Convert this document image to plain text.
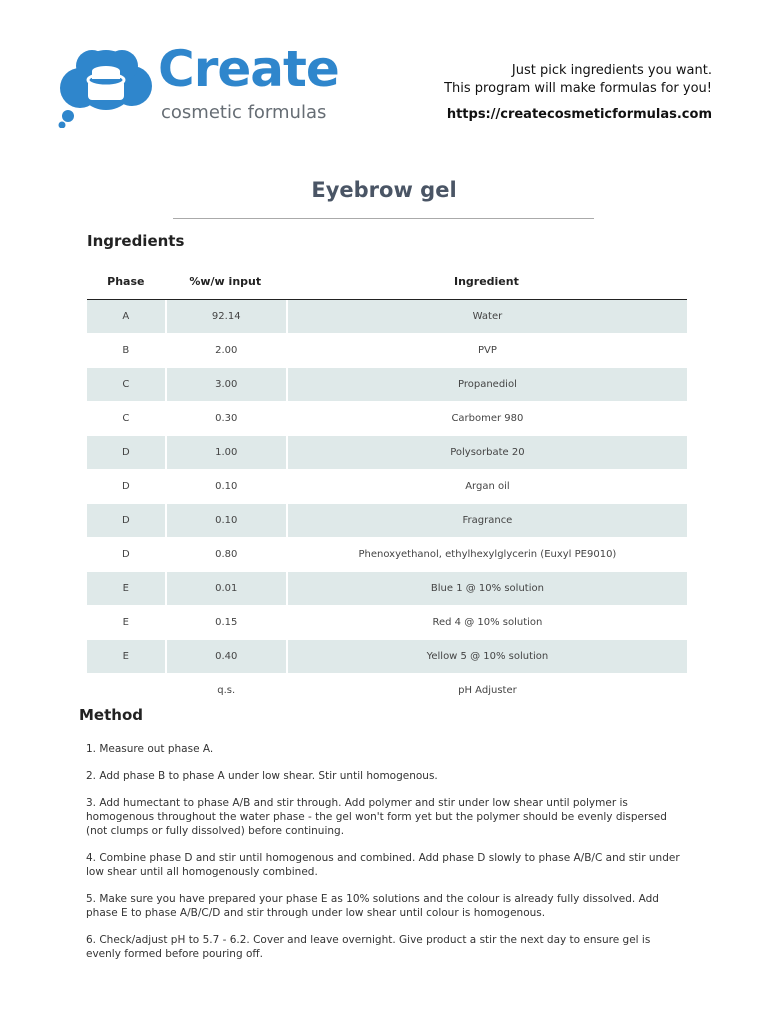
Create
cosmetic formulas
Just pick ingredients you want.
This program will make formulas for you!
https://createcosmeticformulas.com
Eyebrow gel
Ingredients
Phase	%w/w input	Ingredient
A	92.14	Water
B	2.00	PVP
C	3.00	Propanediol
C	0.30	Carbomer 980
D	1.00	Polysorbate 20
D	0.10	Argan oil
D	0.10	Fragrance
D	0.80	Phenoxyethanol, ethylhexylglycerin (Euxyl PE9010)
E	0.01	Blue 1 @ 10% solution
E	0.15	Red 4 @ 10% solution
E	0.40	Yellow 5 @ 10% solution
	q.s.	pH Adjuster
Method

1. Measure out phase A.

2. Add phase B to phase A under low shear. Stir until homogenous.

3. Add humectant to phase A/B and stir through. Add polymer and stir under low shear until polymer is homogenous throughout the water phase - the gel won't form yet but the polymer should be evenly dispersed (not clumps or fully dissolved) before continuing.

4. Combine phase D and stir until homogenous and combined. Add phase D slowly to phase A/B/C and stir under low shear until all homogenously combined.

5. Make sure you have prepared your phase E as 10% solutions and the colour is already fully dissolved. Add phase E to phase A/B/C/D and stir through under low shear until colour is homogenous.

6. Check/adjust pH to 5.7 - 6.2. Cover and leave overnight. Give product a stir the next day to ensure gel is evenly formed before pouring off.
